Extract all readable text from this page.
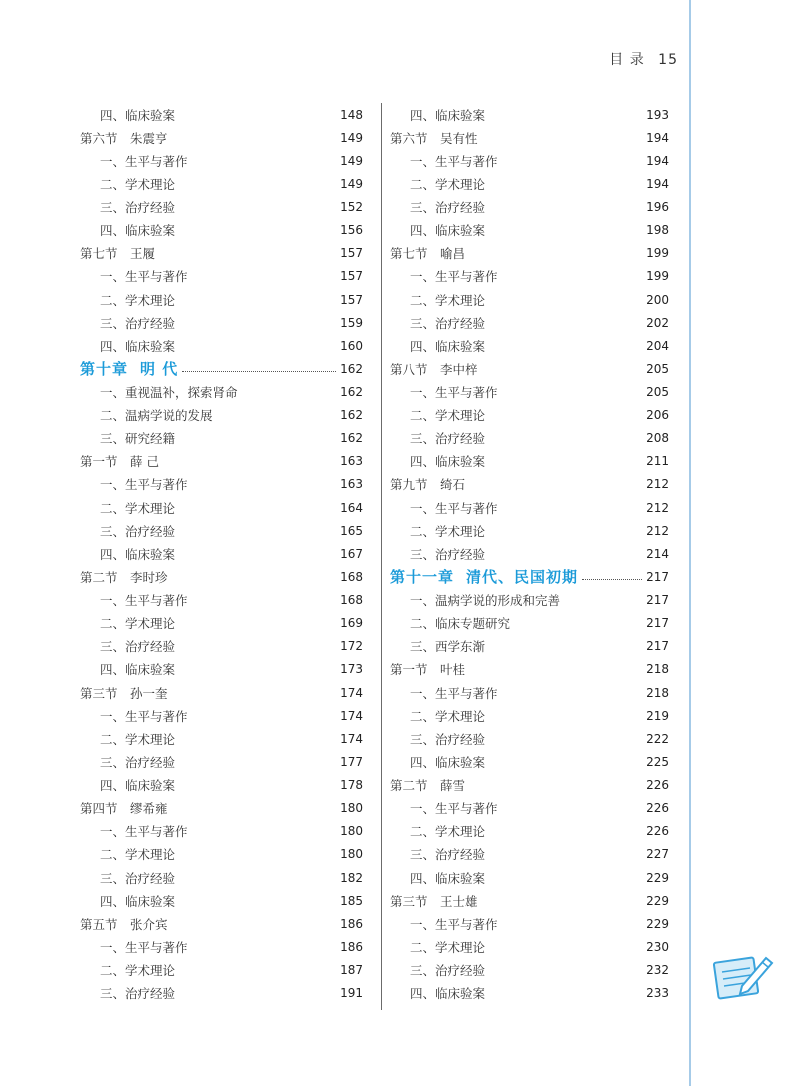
目 录 15
四、临床验案	148
第六节　朱震亨	149
一、生平与著作	149
二、学术理论	149
三、治疗经验	152
四、临床验案	156
第七节　王履	157
一、生平与著作	157
二、学术理论	157
三、治疗经验	159
四、临床验案	160
第十章 明 代	162
一、重视温补，探索肾命	162
二、温病学说的发展	162
三、研究经籍	162
第一节　薛 己	163
一、生平与著作	163
二、学术理论	164
三、治疗经验	165
四、临床验案	167
第二节　李时珍	168
一、生平与著作	168
二、学术理论	169
三、治疗经验	172
四、临床验案	173
第三节　孙一奎	174
一、生平与著作	174
二、学术理论	174
三、治疗经验	177
四、临床验案	178
第四节　缪希雍	180
一、生平与著作	180
二、学术理论	180
三、治疗经验	182
四、临床验案	185
第五节　张介宾	186
一、生平与著作	186
二、学术理论	187
三、治疗经验	191
四、临床验案	193
第六节　吴有性	194
一、生平与著作	194
二、学术理论	194
三、治疗经验	196
四、临床验案	198
第七节　喻昌	199
一、生平与著作	199
二、学术理论	200
三、治疗经验	202
四、临床验案	204
第八节　李中梓	205
一、生平与著作	205
二、学术理论	206
三、治疗经验	208
四、临床验案	211
第九节　绮石	212
一、生平与著作	212
二、学术理论	212
三、治疗经验	214
第十一章 清代、民国初期	217
一、温病学说的形成和完善	217
二、临床专题研究	217
三、西学东渐	217
第一节　叶桂	218
一、生平与著作	218
二、学术理论	219
三、治疗经验	222
四、临床验案	225
第二节　薛雪	226
一、生平与著作	226
二、学术理论	226
三、治疗经验	227
四、临床验案	229
第三节　王士雄	229
一、生平与著作	229
二、学术理论	230
三、治疗经验	232
四、临床验案	233
